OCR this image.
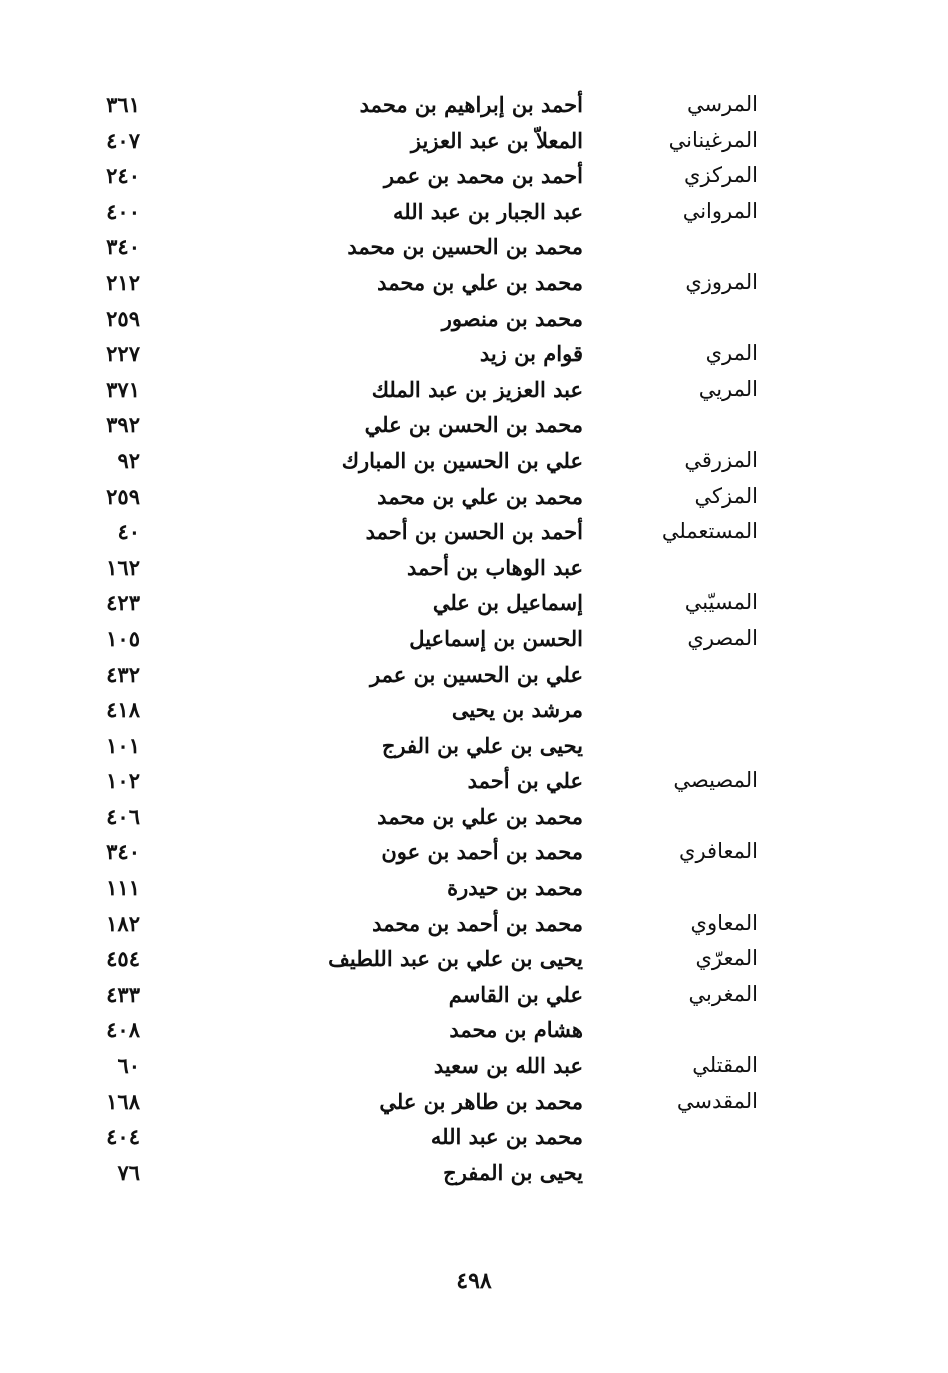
المرسي
أحمد بن إبراهيم بن محمد
٣٦١
المرغيناني
المعلاّ بن عبد العزيز
٤٠٧
المركزي
أحمد بن محمد بن عمر
٢٤٠
المرواني
عبد الجبار بن عبد الله
٤٠٠
محمد بن الحسين بن محمد
٣٤٠
المروزي
محمد بن علي بن محمد
٢١٢
محمد بن منصور
٢٥٩
المري
قوام بن زيد
٢٢٧
المريي
عبد العزيز بن عبد الملك
٣٧١
محمد بن الحسن بن علي
٣٩٢
المزرقي
علي بن الحسين بن المبارك
٩٢
المزكي
محمد بن علي بن محمد
٢٥٩
المستعملي
أحمد بن الحسن بن أحمد
٤٠
عبد الوهاب بن أحمد
١٦٢
المسيّبي
إسماعيل بن علي
٤٢٣
المصري
الحسن بن إسماعيل
١٠٥
علي بن الحسين بن عمر
٤٣٢
مرشد بن يحيى
٤١٨
يحيى بن علي بن الفرج
١٠١
المصيصي
علي بن أحمد
١٠٢
محمد بن علي بن محمد
٤٠٦
المعافري
محمد بن أحمد بن عون
٣٤٠
محمد بن حيدرة
١١١
المعاوي
محمد بن أحمد بن محمد
١٨٢
المعرّي
يحيى بن علي بن عبد اللطيف
٤٥٤
المغربي
علي بن القاسم
٤٣٣
هشام بن محمد
٤٠٨
المقتلي
عبد الله بن سعيد
٦٠
المقدسي
محمد بن طاهر بن علي
١٦٨
محمد بن عبد الله
٤٠٤
يحيى بن المفرج
٧٦
٤٩٨
